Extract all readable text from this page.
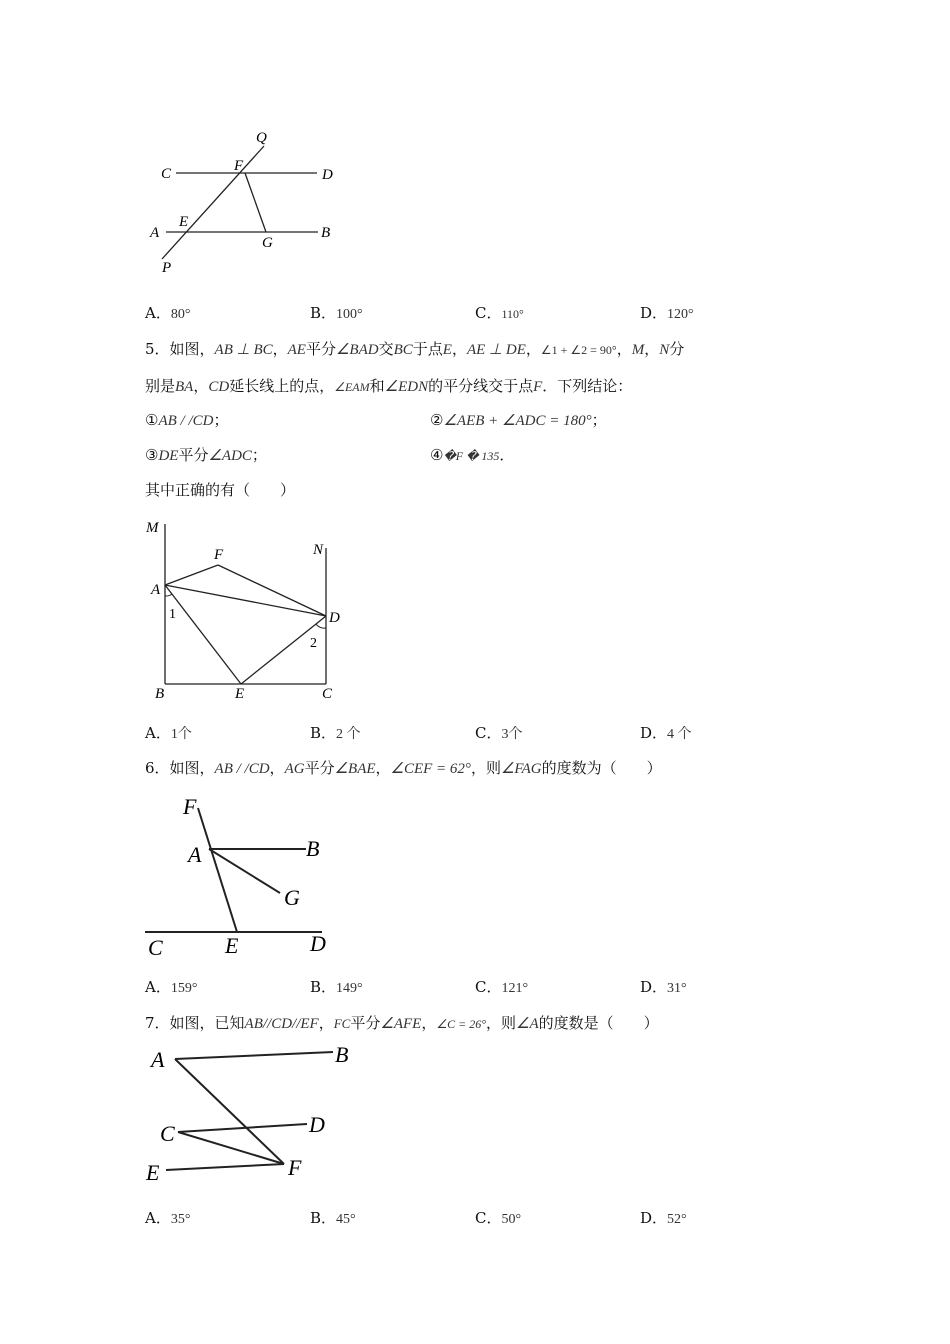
Q
C	F
D
A
E
G
B
P
A．80°	B．100°	C．110°	D．120°
5．如图，AB ⊥ BC，AE平分∠BAD交BC于点E，AE ⊥ DE，∠1 + ∠2 = 90°，M，N分
别是BA，CD延长线上的点，∠EAM和∠EDN的平分线交于点F．下列结论：
①AB / /CD；	②∠AEB + ∠ADC = 180°；
③DE平分∠ADC；	④�F � 135．
其中正确的有（　　）
M
F	N
A
1	D
2
B	E	C
A．1个	B．2 个	C．3个	D．4 个
6．如图，AB / /CD，AG平分∠BAE，∠CEF = 62°，则∠FAG的度数为（　　）
F
A	B
G
C	E	D
A．159°	B．149°	C．121°	D．31°
7．如图，已知AB//CD//EF，FC平分∠AFE，∠C = 26°，则∠A的度数是（　　）
A	B
C	D
E	F
A．35°	B．45°	C．50°	D．52°
